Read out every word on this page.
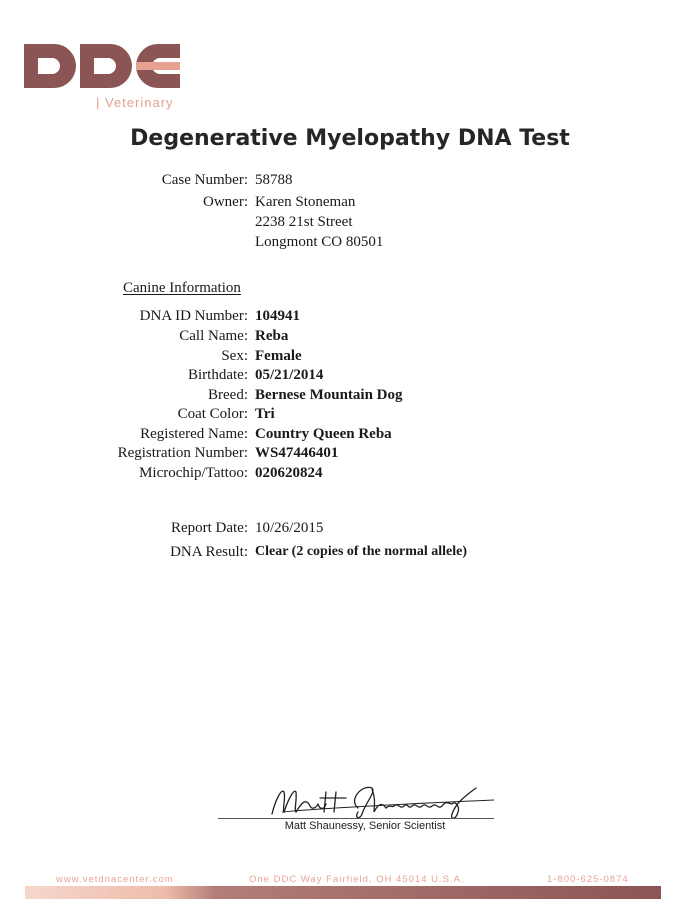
| Veterinary
Degenerative Myelopathy DNA Test
Case Number: 58788
Owner: Karen Stoneman
2238 21st Street
Longmont CO 80501
Canine Information
DNA ID Number: 104941
Call Name: Reba
Sex: Female
Birthdate: 05/21/2014
Breed: Bernese Mountain Dog
Coat Color: Tri
Registered Name: Country Queen Reba
Registration Number: WS47446401
Microchip/Tattoo: 020620824
Report Date: 10/26/2015
DNA Result: Clear (2 copies of the normal allele)
Matt Shaunessy, Senior Scientist
www.vetdnacenter.com	One DDC Way Fairfield, OH 45014 U.S.A.	1-800-625-0874
